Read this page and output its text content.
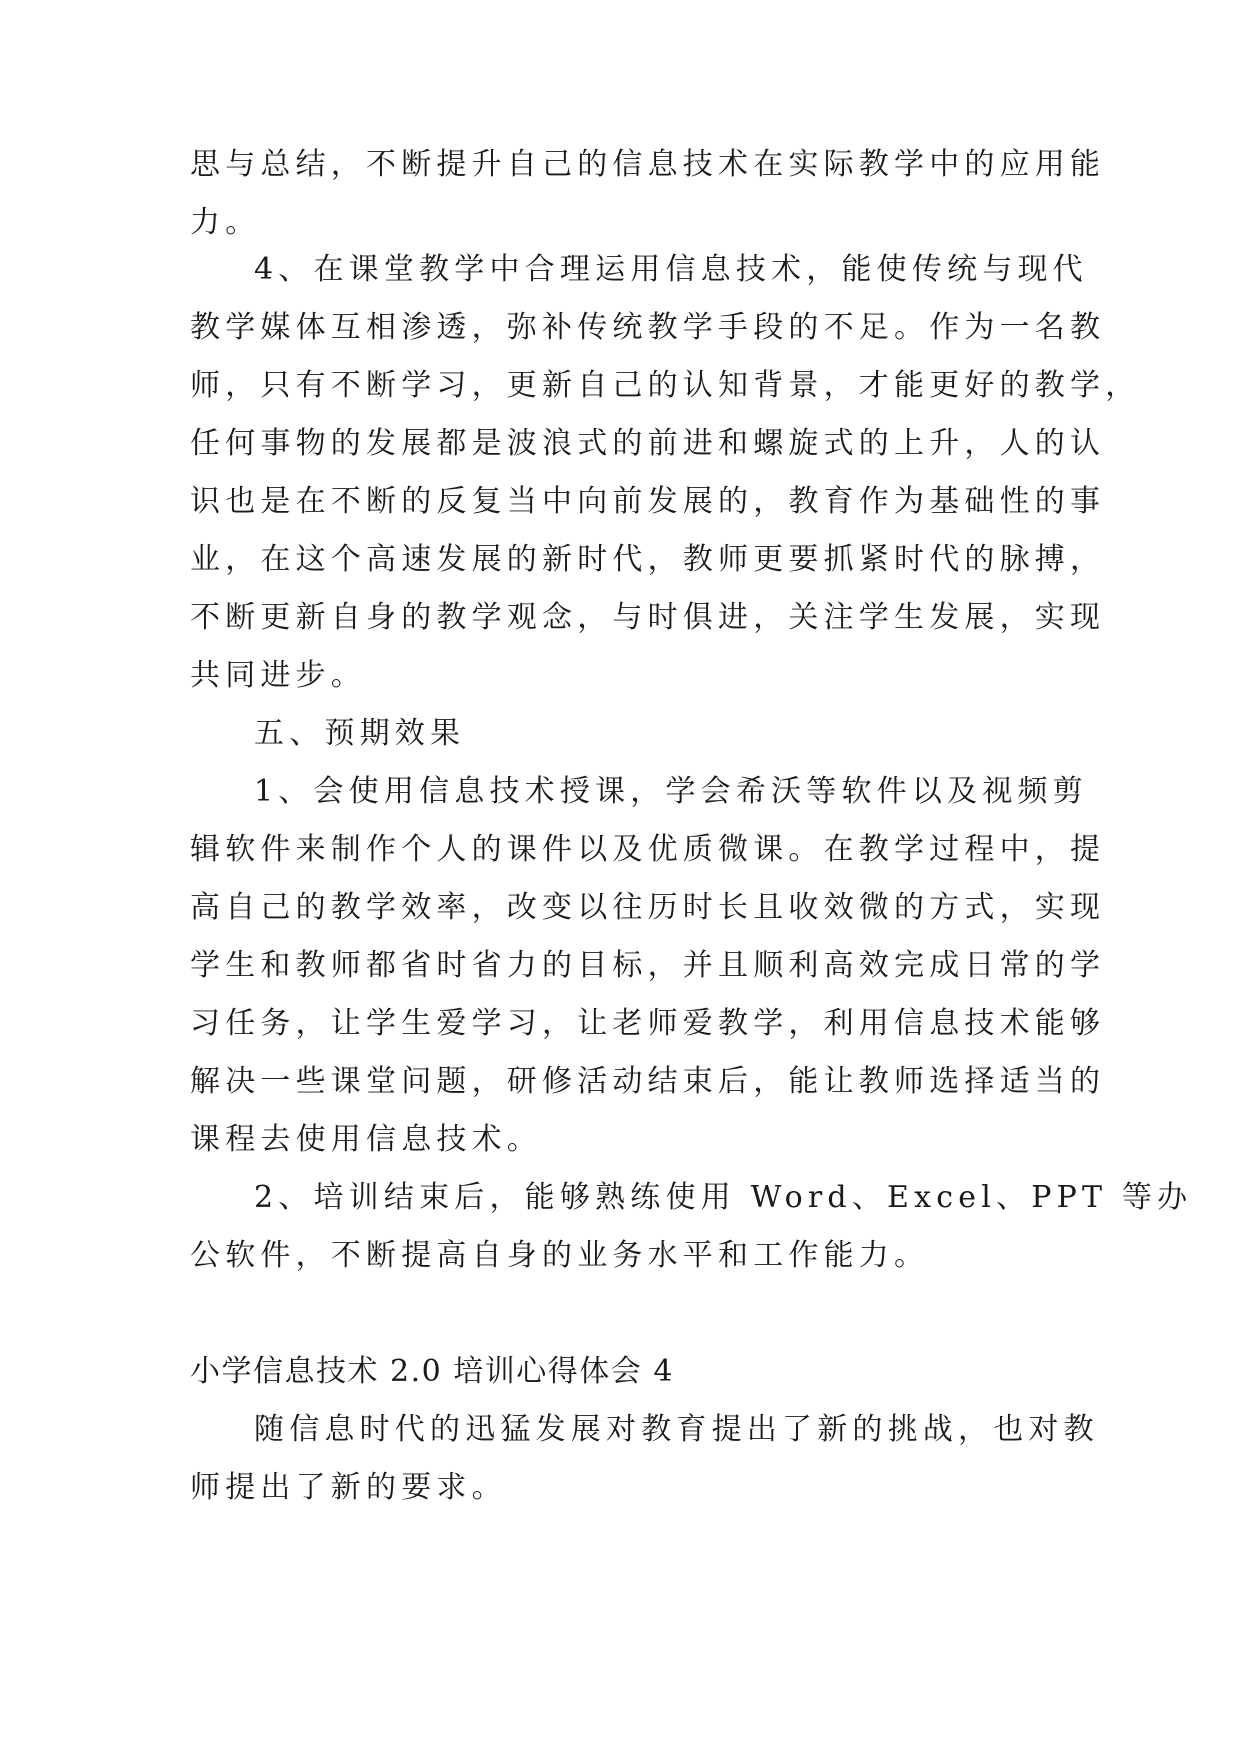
思与总结，不断提升自己的信息技术在实际教学中的应用能
力。

4、在课堂教学中合理运用信息技术，能使传统与现代
教学媒体互相渗透，弥补传统教学手段的不足。作为一名教
师，只有不断学习，更新自己的认知背景，才能更好的教学，
任何事物的发展都是波浪式的前进和螺旋式的上升，人的认
识也是在不断的反复当中向前发展的，教育作为基础性的事
业，在这个高速发展的新时代，教师更要抓紧时代的脉搏，
不断更新自身的教学观念，与时俱进，关注学生发展，实现
共同进步。

五、预期效果

1、会使用信息技术授课，学会希沃等软件以及视频剪
辑软件来制作个人的课件以及优质微课。在教学过程中，提
高自己的教学效率，改变以往历时长且收效微的方式，实现
学生和教师都省时省力的目标，并且顺利高效完成日常的学
习任务，让学生爱学习，让老师爱教学，利用信息技术能够
解决一些课堂问题，研修活动结束后，能让教师选择适当的
课程去使用信息技术。

2、培训结束后，能够熟练使用 Word、Excel、PPT 等办
公软件，不断提高自身的业务水平和工作能力。

小学信息技术 2.0 培训心得体会 4

随信息时代的迅猛发展对教育提出了新的挑战，也对教
师提出了新的要求。
